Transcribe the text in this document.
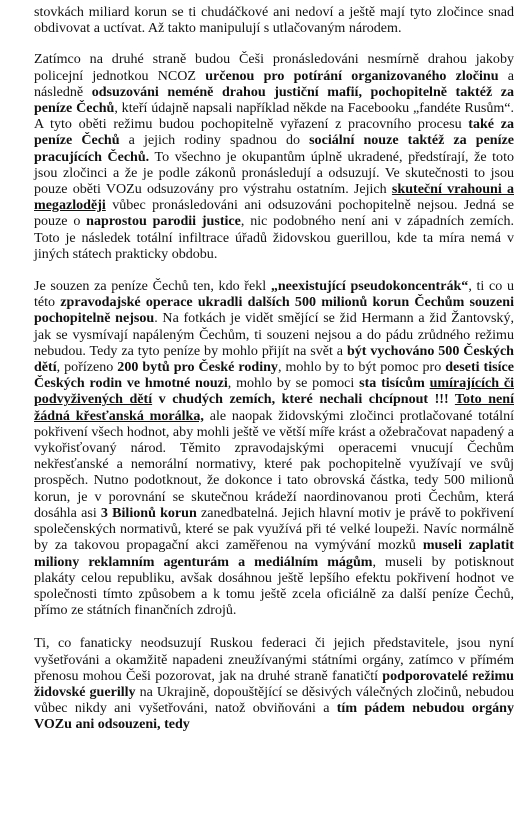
stovkách miliard korun se ti chudáčkové ani nedoví a ještě mají tyto zločince snad obdivovat a uctívat. Až takto manipulují s utlačovaným národem.

Zatímco na druhé straně budou Češi pronásledováni nesmírně drahou jakoby policejní jednotkou NCOZ určenou pro potírání organizovaného zločinu a následně odsuzováni neméně drahou justiční mafií, pochopitelně taktéž za peníze Čechů, kteří údajně napsali například někde na Facebooku „fandéte Rusům“. A tyto oběti režimu budou pochopitelně vyřazení z pracovního procesu také za peníze Čechů a jejich rodiny spadnou do sociální nouze taktéž za peníze pracujících Čechů. To všechno je okupantům úplně ukradené, předstírají, že toto jsou zločinci a že je podle zákonů pronásledují a odsuzují. Ve skutečnosti to jsou pouze oběti VOZu odsuzovány pro výstrahu ostatním. Jejich skuteční vrahouni a megazloději vůbec pronásledováni ani odsuzováni pochopitelně nejsou. Jedná se pouze o naprostou parodii justice, nic podobného není ani v západních zemích. Toto je následek totální infiltrace úřadů židovskou guerillou, kde ta míra nemá v jiných státech prakticky obdobu.

Je souzen za peníze Čechů ten, kdo řekl „neexistující pseudokoncentrák“, ti co u této zpravodajské operace ukradli dalších 500 milionů korun Čechům souzeni pochopitelně nejsou. Na fotkách je vidět smějící se žid Hermann a žid Žantovský, jak se vysmívají napáleným Čechům, ti souzeni nejsou a do pádu zrůdného režimu nebudou. Tedy za tyto peníze by mohlo přijít na svět a být vychováno 500 Českých dětí, pořízeno 200 bytů pro České rodiny, mohlo by to být pomoc pro deseti tisíce Českých rodin ve hmotné nouzi, mohlo by se pomoci sta tisícům umírajících či podvyživených dětí v chudých zemích, které nechali chcípnout !!! Toto není žádná křesťanská morálka, ale naopak židovskými zločinci protlačované totální pokřivení všech hodnot, aby mohli ještě ve větší míře krást a ožebračovat napadený a vykořisťovaný národ. Těmito zpravodajskými operacemi vnucují Čechům nekřesťanské a nemorální normativy, které pak pochopitelně využívají ve svůj prospěch. Nutno podotknout, že dokonce i tato obrovská částka, tedy 500 milionů korun, je v porovnání se skutečnou krádeží naordinovanou proti Čechům, která dosáhla asi 3 Bilionů korun zanedbatelná. Jejich hlavní motiv je právě to pokřivení společenských normativů, které se pak využívá při té velké loupeži. Navíc normálně by za takovou propagační akci zaměřenou na vymývání mozků museli zaplatit miliony reklamním agenturám a mediálním mágům, museli by potisknout plakáty celou republiku, avšak dosáhnou ještě lepšího efektu pokřivení hodnot ve společnosti tímto způsobem a k tomu ještě zcela oficiálně za další peníze Čechů, přímo ze státních finančních zdrojů.

Ti, co fanaticky neodsuzují Ruskou federaci či jejich představitele, jsou nyní vyšetřováni a okamžitě napadeni zneužívanými státními orgány, zatímco v přímém přenosu mohou Češi pozorovat, jak na druhé straně fanatičtí podporovatelé režimu židovské guerilly na Ukrajině, dopouštějící se děsivých válečných zločinů, nebudou vůbec nikdy ani vyšetřováni, natož obviňováni a tím pádem nebudou orgány VOZu ani odsouzeni, tedy
